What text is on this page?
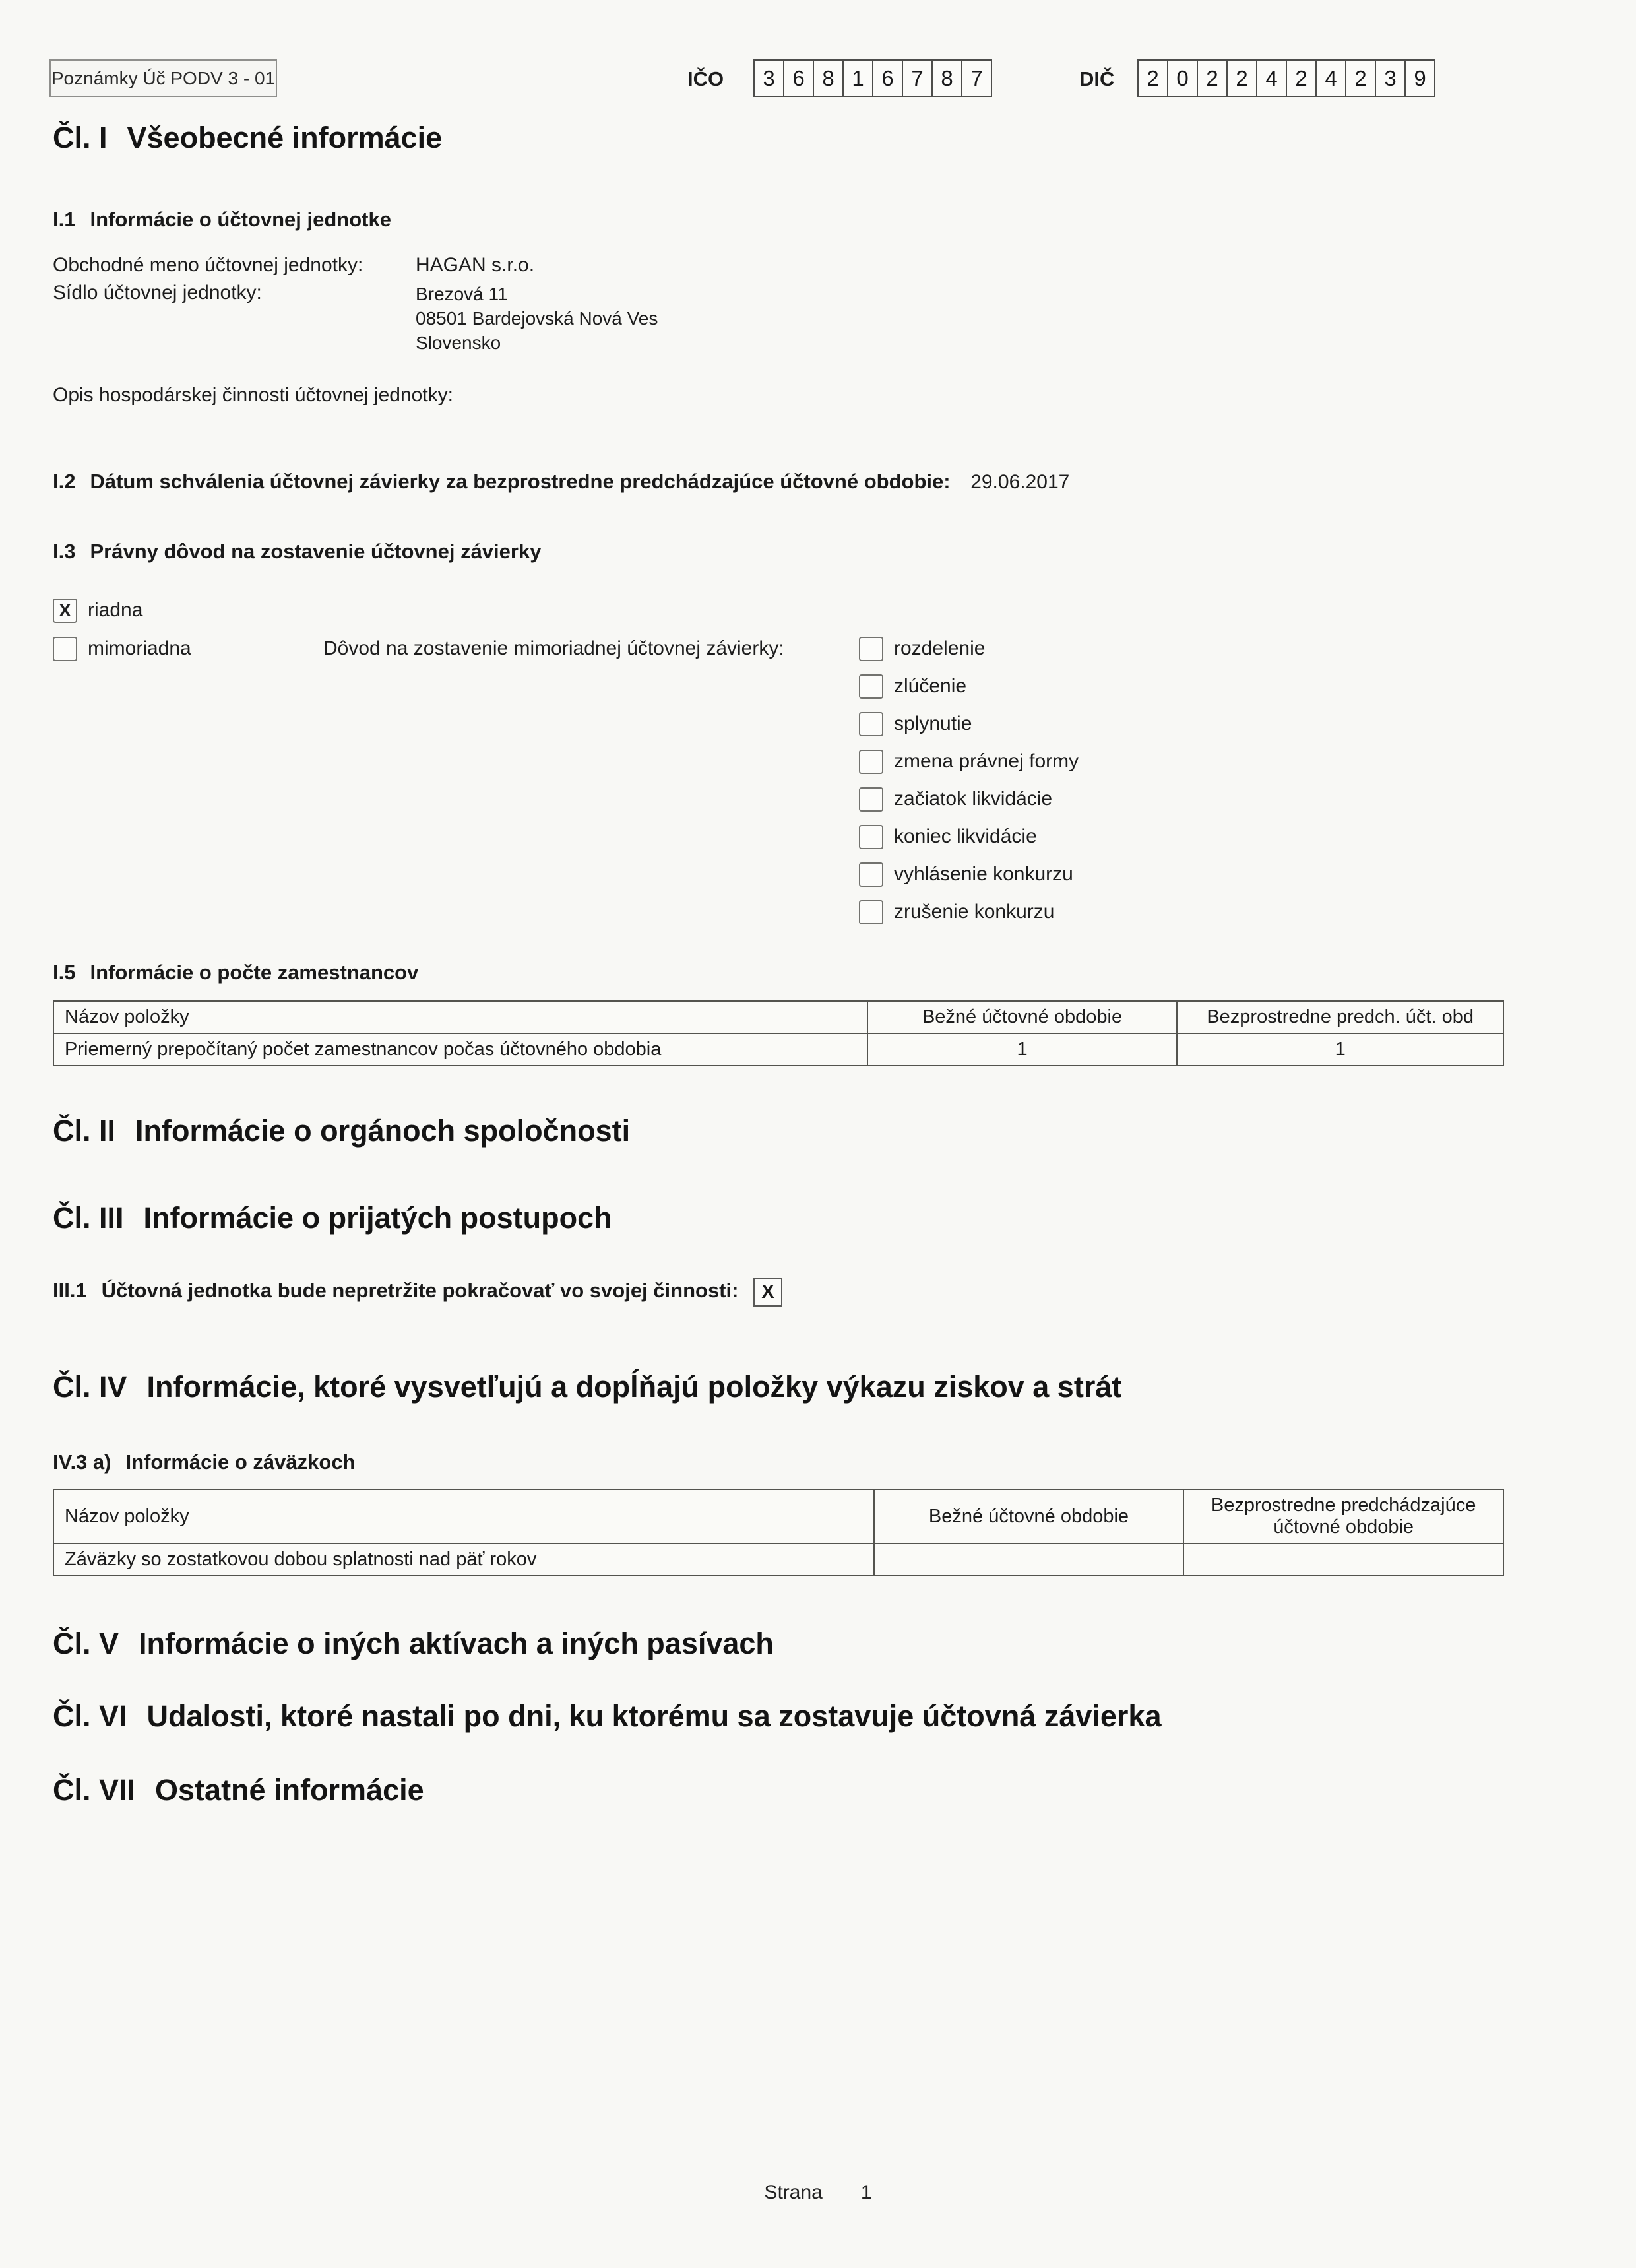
Poznámky Úč PODV 3 - 01	IČO	3 6 8 1 6 7 8 7	DIČ	2 0 2 2 4 2 4 2 3 9
Čl. I Všeobecné informácie
I.1 Informácie o účtovnej jednotke
Obchodné meno účtovnej jednotky:	HAGAN s.r.o.
Sídlo účtovnej jednotky:	Brezová 11
08501 Bardejovská Nová Ves
Slovensko
Opis hospodárskej činnosti účtovnej jednotky:
I.2 Dátum schválenia účtovnej závierky za bezprostredne predchádzajúce účtovné obdobie: 29.06.2017
I.3 Právny dôvod na zostavenie účtovnej závierky
X riadna
mimoriadna	Dôvod na zostavenie mimoriadnej účtovnej závierky:	rozdelenie
zlúčenie
splynutie
zmena právnej formy
začiatok likvidácie
koniec likvidácie
vyhlásenie konkurzu
zrušenie konkurzu
I.5 Informácie o počte zamestnancov
Názov položky	Bežné účtovné obdobie	Bezprostredne predch. účt. obd
Priemerný prepočítaný počet zamestnancov počas účtovného obdobia	1	1
Čl. II Informácie o orgánoch spoločnosti
Čl. III Informácie o prijatých postupoch
III.1 Účtovná jednotka bude nepretržite pokračovať vo svojej činnosti: X
Čl. IV Informácie, ktoré vysvetľujú a dopĺňajú položky výkazu ziskov a strát
IV.3 a) Informácie o záväzkoch
Názov položky	Bežné účtovné obdobie	Bezprostredne predchádzajúce účtovné obdobie
Záväzky so zostatkovou dobou splatnosti nad päť rokov		
Čl. V Informácie o iných aktívach a iných pasívach
Čl. VI Udalosti, ktoré nastali po dni, ku ktorému sa zostavuje účtovná závierka
Čl. VII Ostatné informácie
Strana 1
